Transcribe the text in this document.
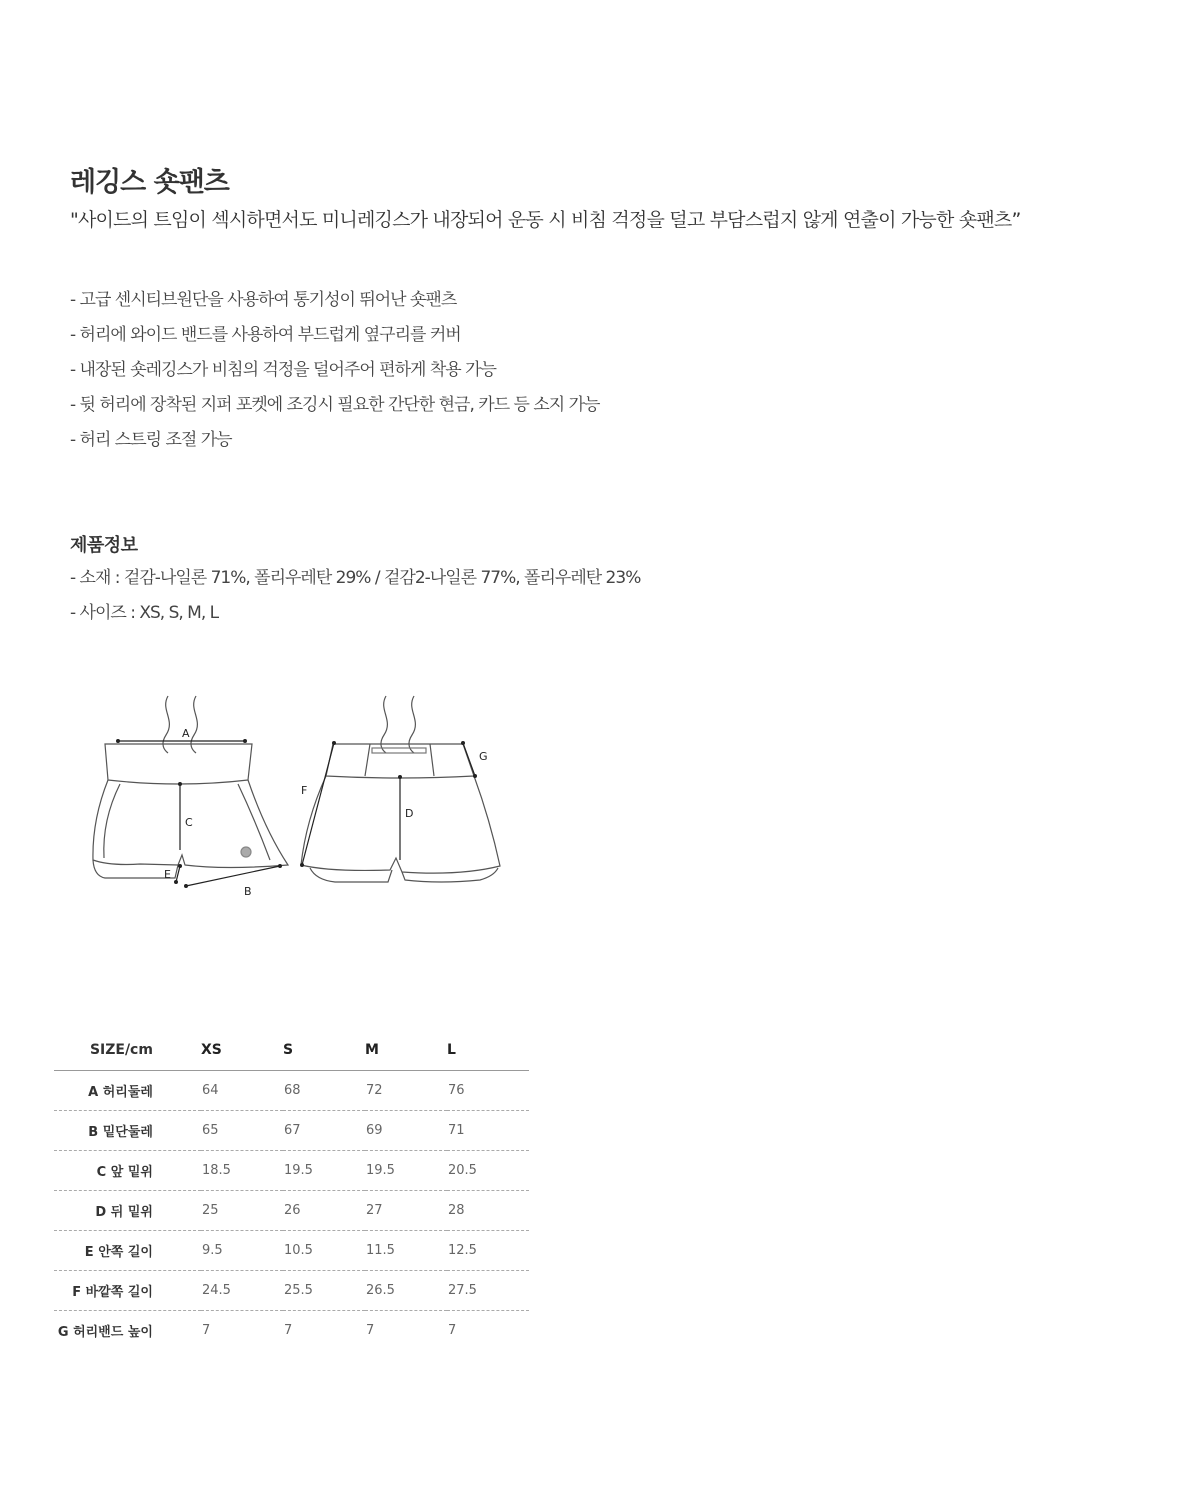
레깅스 숏팬츠
"사이드의 트임이 섹시하면서도 미니레깅스가 내장되어 운동 시 비침 걱정을 덜고 부담스럽지 않게 연출이 가능한 숏팬츠”
- 고급 센시티브원단을 사용하여 통기성이 뛰어난 숏팬츠
- 허리에 와이드 밴드를 사용하여 부드럽게 옆구리를 커버
- 내장된 숏레깅스가 비침의 걱정을 덜어주어 편하게 착용 가능
- 뒷 허리에 장착된 지퍼 포켓에 조깅시 필요한 간단한 현금, 카드 등 소지 가능
- 허리 스트링 조절 가능
제품정보
- 소재 : 겉감-나일론 71%, 폴리우레탄 29% / 겉감2-나일론 77%, 폴리우레탄 23%
- 사이즈 : XS, S, M, L
A
B
C
D
E
F
G
SIZE/cm	XS	S	M	L
A 허리둘레	64	68	72	76
B 밑단둘레	65	67	69	71
C 앞 밑위	18.5	19.5	19.5	20.5
D 뒤 밑위	25	26	27	28
E 안쪽 길이	9.5	10.5	11.5	12.5
F 바깥쪽 길이	24.5	25.5	26.5	27.5
G 허리밴드 높이	7	7	7	7
